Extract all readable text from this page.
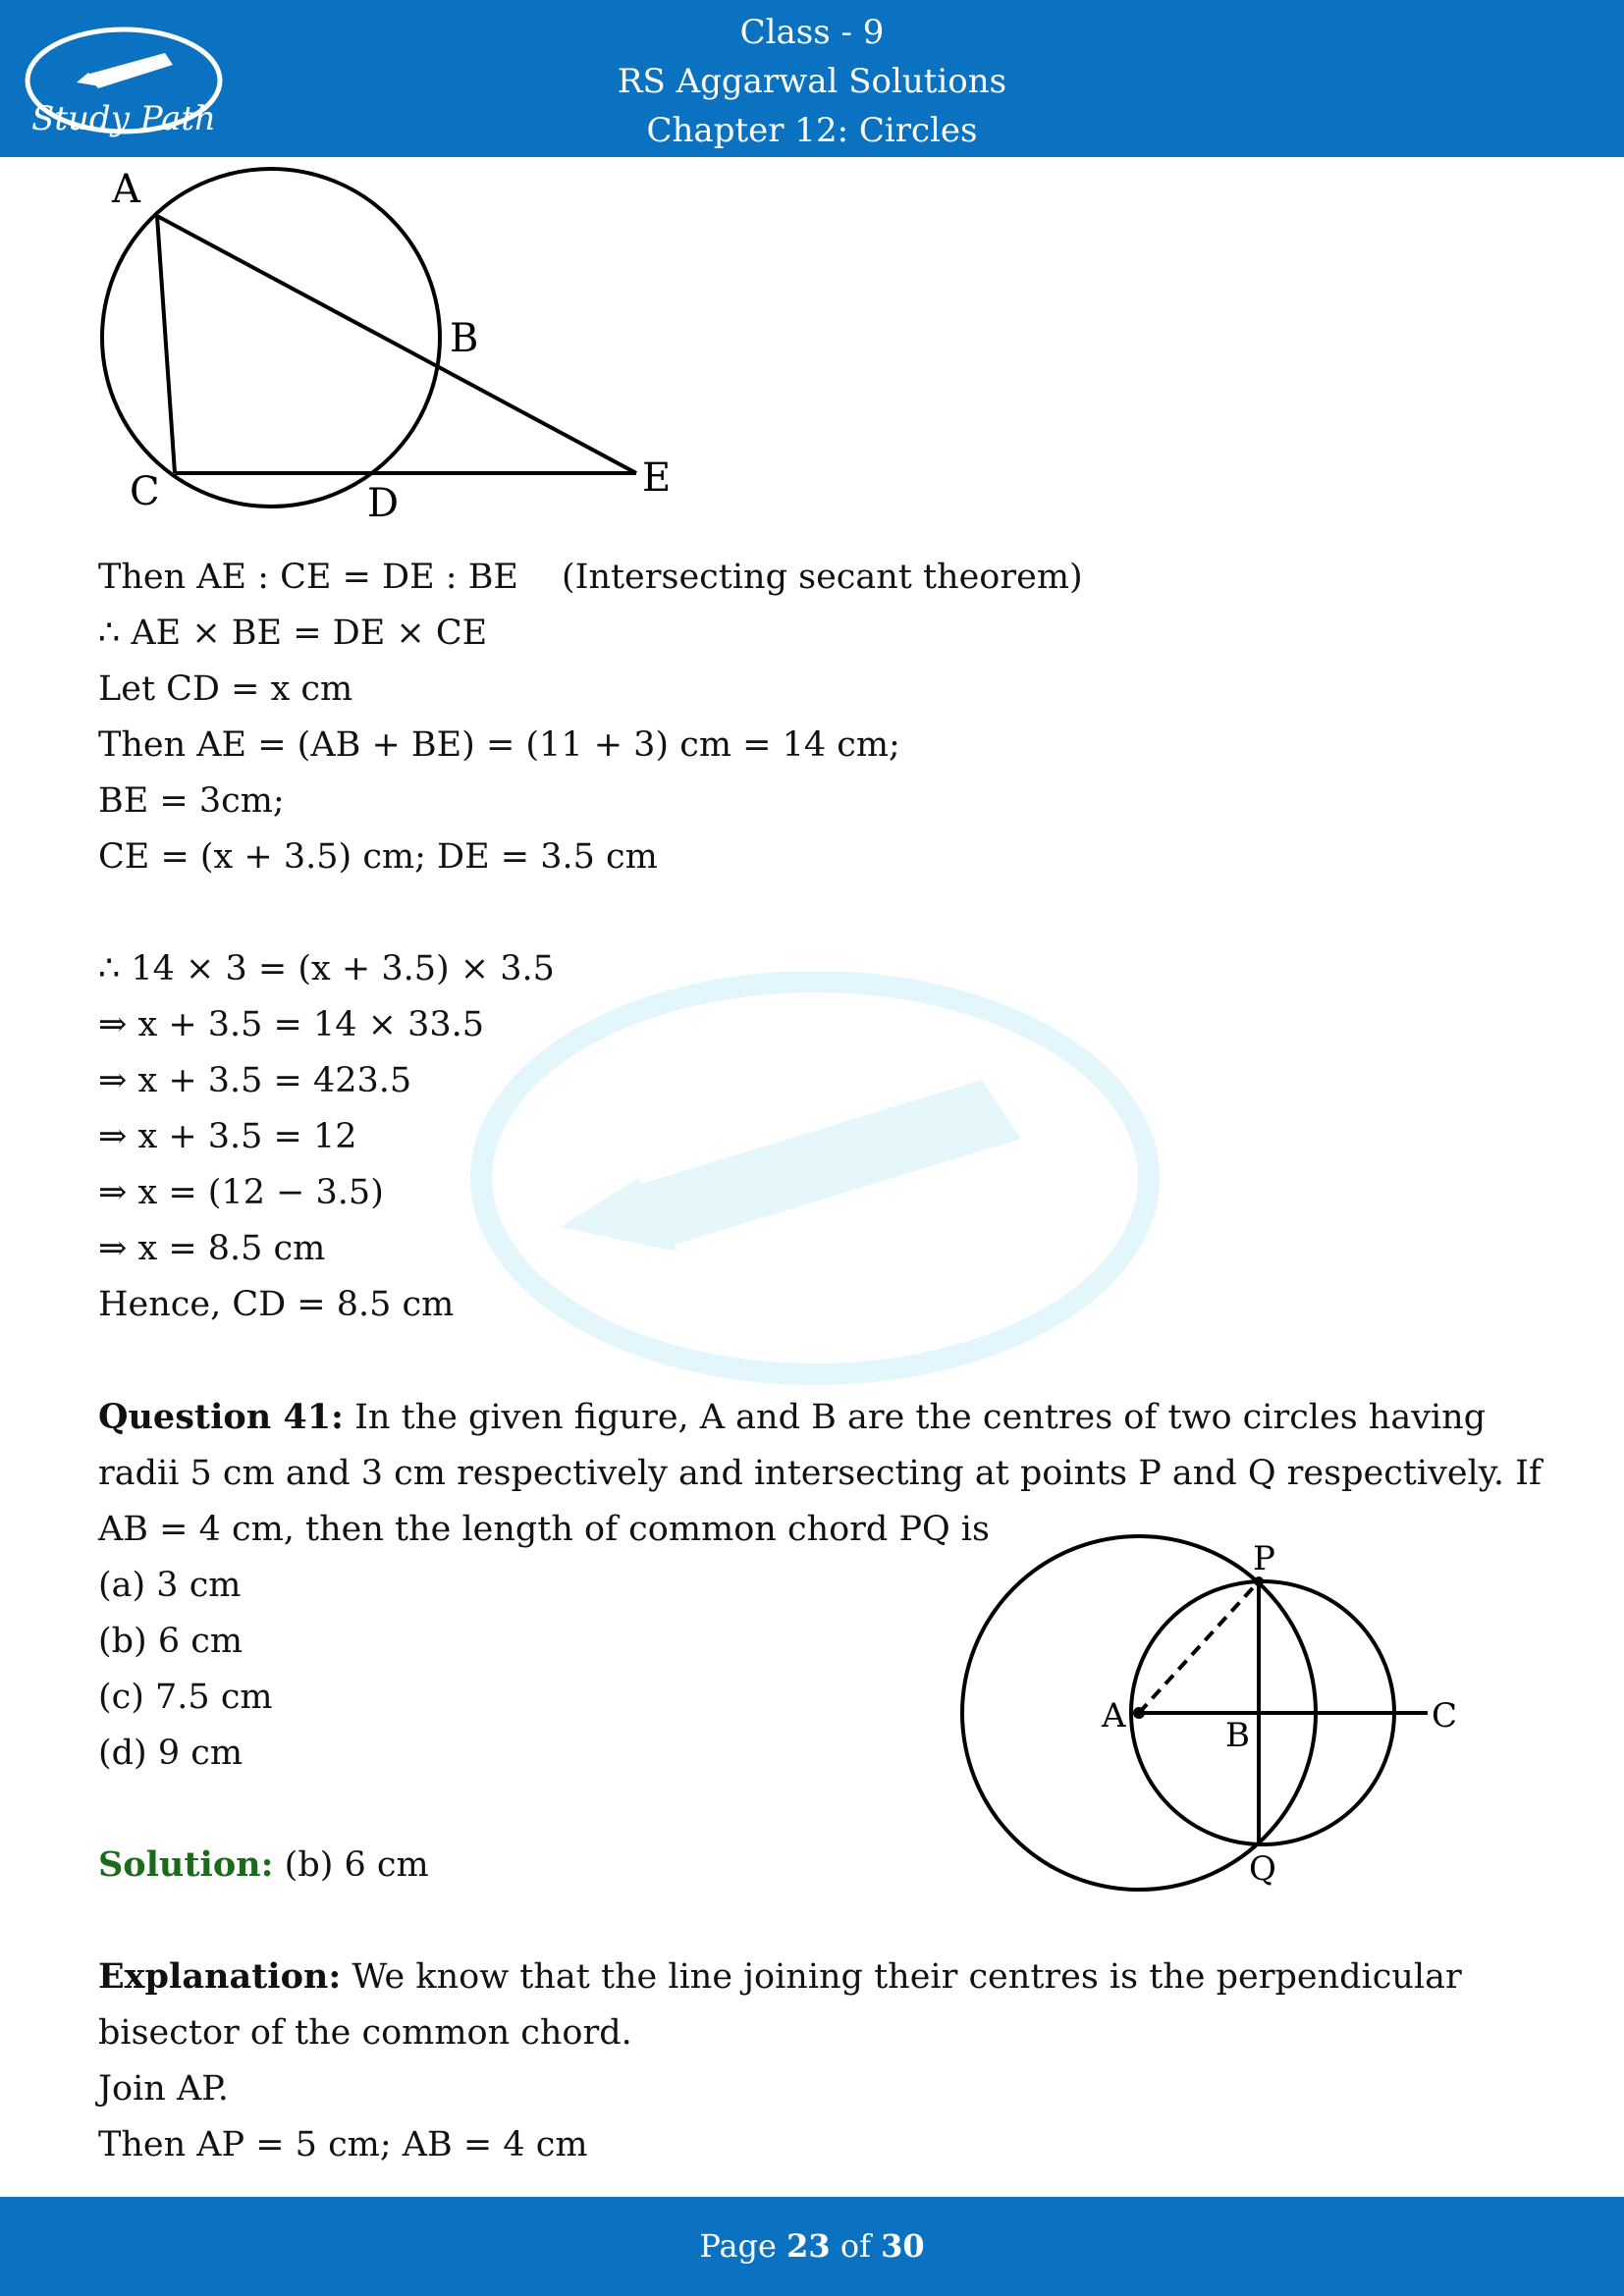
Study Path
Class - 9
RS Aggarwal Solutions
Chapter 12: Circles
A
B
C	D
E
Then AE : CE = DE : BE (Intersecting secant theorem)
∴ AE × BE = DE × CE
Let CD = x cm
Then AE = (AB + BE) = (11 + 3) cm = 14 cm;
BE = 3cm;
CE = (x + 3.5) cm; DE = 3.5 cm
∴ 14 × 3 = (x + 3.5) × 3.5
⇒ x + 3.5 = 14 × 33.5
⇒ x + 3.5 = 423.5
⇒ x + 3.5 = 12
⇒ x = (12 − 3.5)
⇒ x = 8.5 cm
Hence, CD = 8.5 cm
Question 41: In the given figure, A and B are the centres of two circles having radii 5 cm and 3 cm respectively and intersecting at points P and Q respectively. If AB = 4 cm, then the length of common chord PQ is
(a) 3 cm
(b) 6 cm
(c) 7.5 cm
(d) 9 cm
P
A	B	C
Q
Solution: (b) 6 cm
Explanation: We know that the line joining their centres is the perpendicular bisector of the common chord.
Join AP.
Then AP = 5 cm; AB = 4 cm
Page 23 of 30
